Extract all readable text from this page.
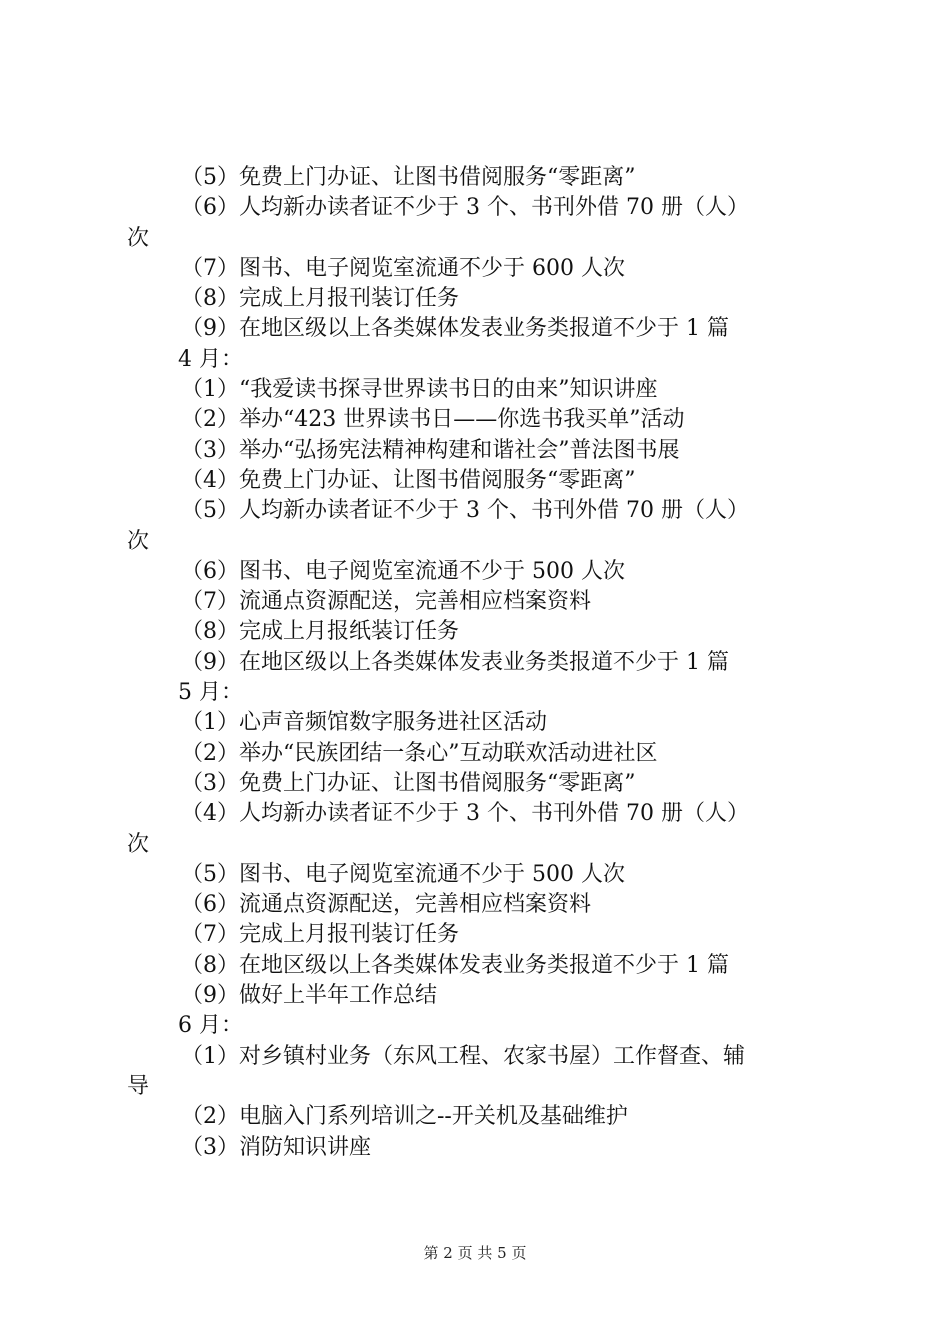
（5）免费上门办证、让图书借阅服务“零距离”
（6）人均新办读者证不少于 3 个、书刊外借 70 册（人）
次
（7）图书、电子阅览室流通不少于 600 人次
（8）完成上月报刊装订任务
（9）在地区级以上各类媒体发表业务类报道不少于 1 篇
4 月：
（1）“我爱读书探寻世界读书日的由来”知识讲座
（2）举办“423 世界读书日——你选书我买单”活动
（3）举办“弘扬宪法精神构建和谐社会”普法图书展
（4）免费上门办证、让图书借阅服务“零距离”
（5）人均新办读者证不少于 3 个、书刊外借 70 册（人）
次
（6）图书、电子阅览室流通不少于 500 人次
（7）流通点资源配送，完善相应档案资料
（8）完成上月报纸装订任务
（9）在地区级以上各类媒体发表业务类报道不少于 1 篇
5 月：
（1）心声音频馆数字服务进社区活动
（2）举办“民族团结一条心”互动联欢活动进社区
（3）免费上门办证、让图书借阅服务“零距离”
（4）人均新办读者证不少于 3 个、书刊外借 70 册（人）
次
（5）图书、电子阅览室流通不少于 500 人次
（6）流通点资源配送，完善相应档案资料
（7）完成上月报刊装订任务
（8）在地区级以上各类媒体发表业务类报道不少于 1 篇
（9）做好上半年工作总结
6 月：
（1）对乡镇村业务（东风工程、农家书屋）工作督查、辅
导
（2）电脑入门系列培训之--开关机及基础维护
（3）消防知识讲座
第 2 页 共 5 页
